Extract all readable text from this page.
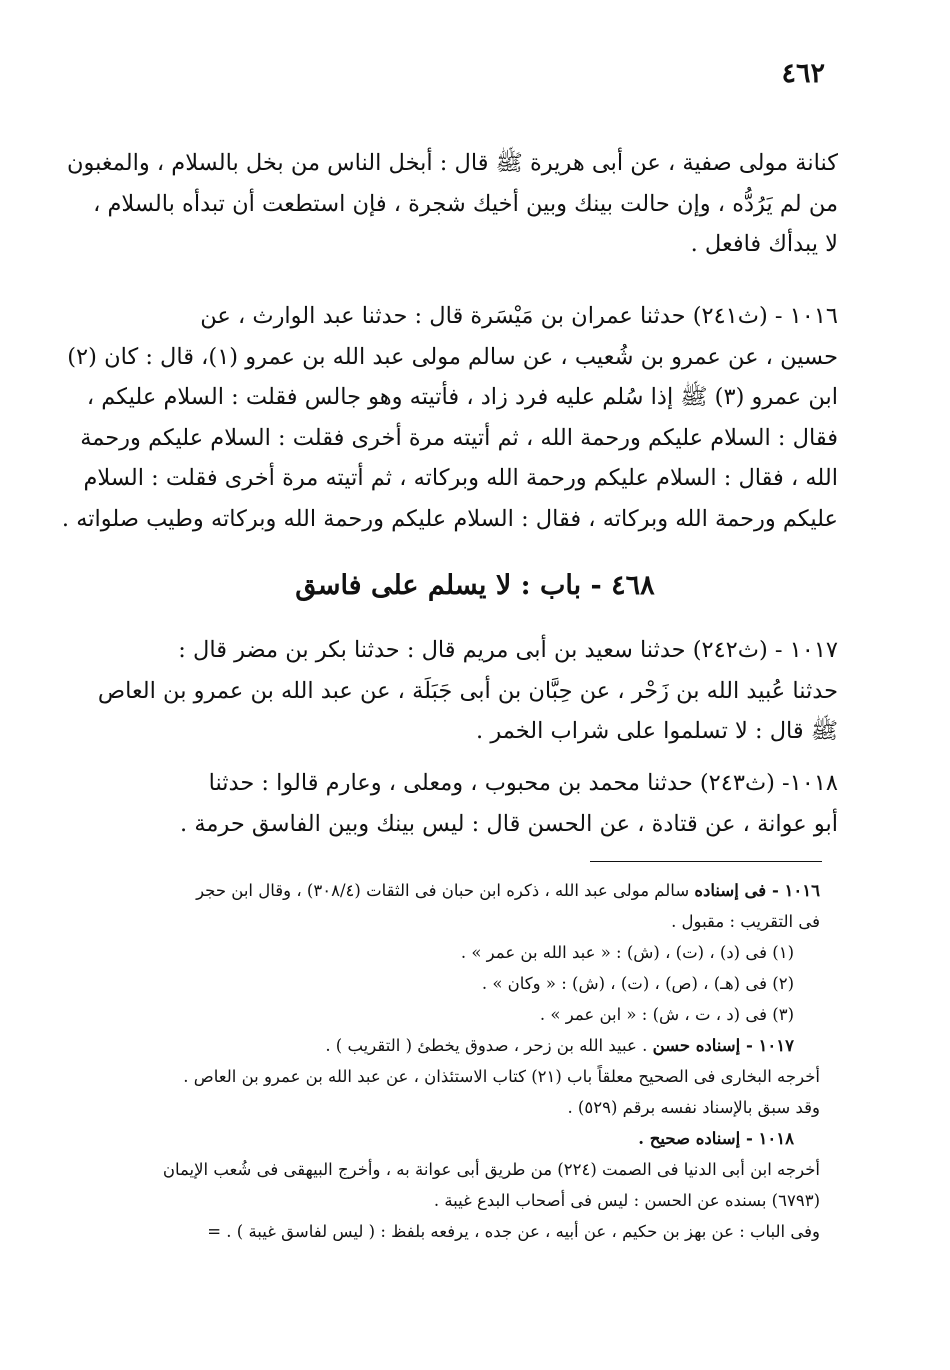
٤٦٢
كنانة مولى صفية ، عن أبى هريرة ﷺ قال : أبخل الناس من بخل بالسلام ، والمغبون
من لم يَرُدُّه ، وإن حالت بينك وبين أخيك شجرة ، فإن استطعت أن تبدأه بالسلام ،
لا يبدأك فافعل .
١٠١٦ - (ث٢٤١) حدثنا عمران بن مَيْسَرة قال : حدثنا عبد الوارث ، عن
حسين ، عن عمرو بن شُعيب ، عن سالم مولى عبد الله بن عمرو (١)، قال : كان (٢)
ابن عمرو (٣) ﷺ إذا سُلم عليه فرد زاد ، فأتيته وهو جالس فقلت : السلام عليكم ،
فقال : السلام عليكم ورحمة الله ، ثم أتيته مرة أخرى فقلت : السلام عليكم ورحمة
الله ، فقال : السلام عليكم ورحمة الله وبركاته ، ثم أتيته مرة أخرى فقلت : السلام
عليكم ورحمة الله وبركاته ، فقال : السلام عليكم ورحمة الله وبركاته وطيب صلواته .
٤٦٨ - باب : لا يسلم على فاسق
١٠١٧ - (ث٢٤٢) حدثنا سعيد بن أبى مريم قال : حدثنا بكر بن مضر قال :
حدثنا عُبيد الله بن زَحْر ، عن حِبَّان بن أبى جَبَلَة ، عن عبد الله بن عمرو بن العاص
ﷺ قال : لا تسلموا على شراب الخمر .
١٠١٨- (ث٢٤٣) حدثنا محمد بن محبوب ، ومعلى ، وعارم قالوا : حدثنا
أبو عوانة ، عن قتادة ، عن الحسن قال : ليس بينك وبين الفاسق حرمة .
١٠١٦ - فى إسناده سالم مولى عبد الله ، ذكره ابن حبان فى الثقات (٣٠٨/٤) ، وقال ابن حجر
فى التقريب : مقبول .
(١) فى (د) ، (ت) ، (ش) : « عبد الله بن عمر » .
(٢) فى (هـ) ، (ص) ، (ت) ، (ش) : « وكان » .
(٣) فى (د ، ت ، ش) : « ابن عمر » .
١٠١٧ - إسناده حسن . عبيد الله بن زحر ، صدوق يخطئ ( التقريب ) .
أخرجه البخارى فى الصحيح معلقاً باب (٢١) كتاب الاستئذان ، عن عبد الله بن عمرو بن العاص .
وقد سبق بالإسناد نفسه برقم (٥٢٩) .
١٠١٨ - إسناده صحيح .
أخرجه ابن أبى الدنيا فى الصمت (٢٢٤) من طريق أبى عوانة به ، وأخرج البيهقى فى شُعب الإيمان
(٦٧٩٣) بسنده عن الحسن : ليس فى أصحاب البدع غيبة .
وفى الباب : عن بهز بن حكيم ، عن أبيه ، عن جده ، يرفعه بلفظ : ( ليس لفاسق غيبة ) . =
